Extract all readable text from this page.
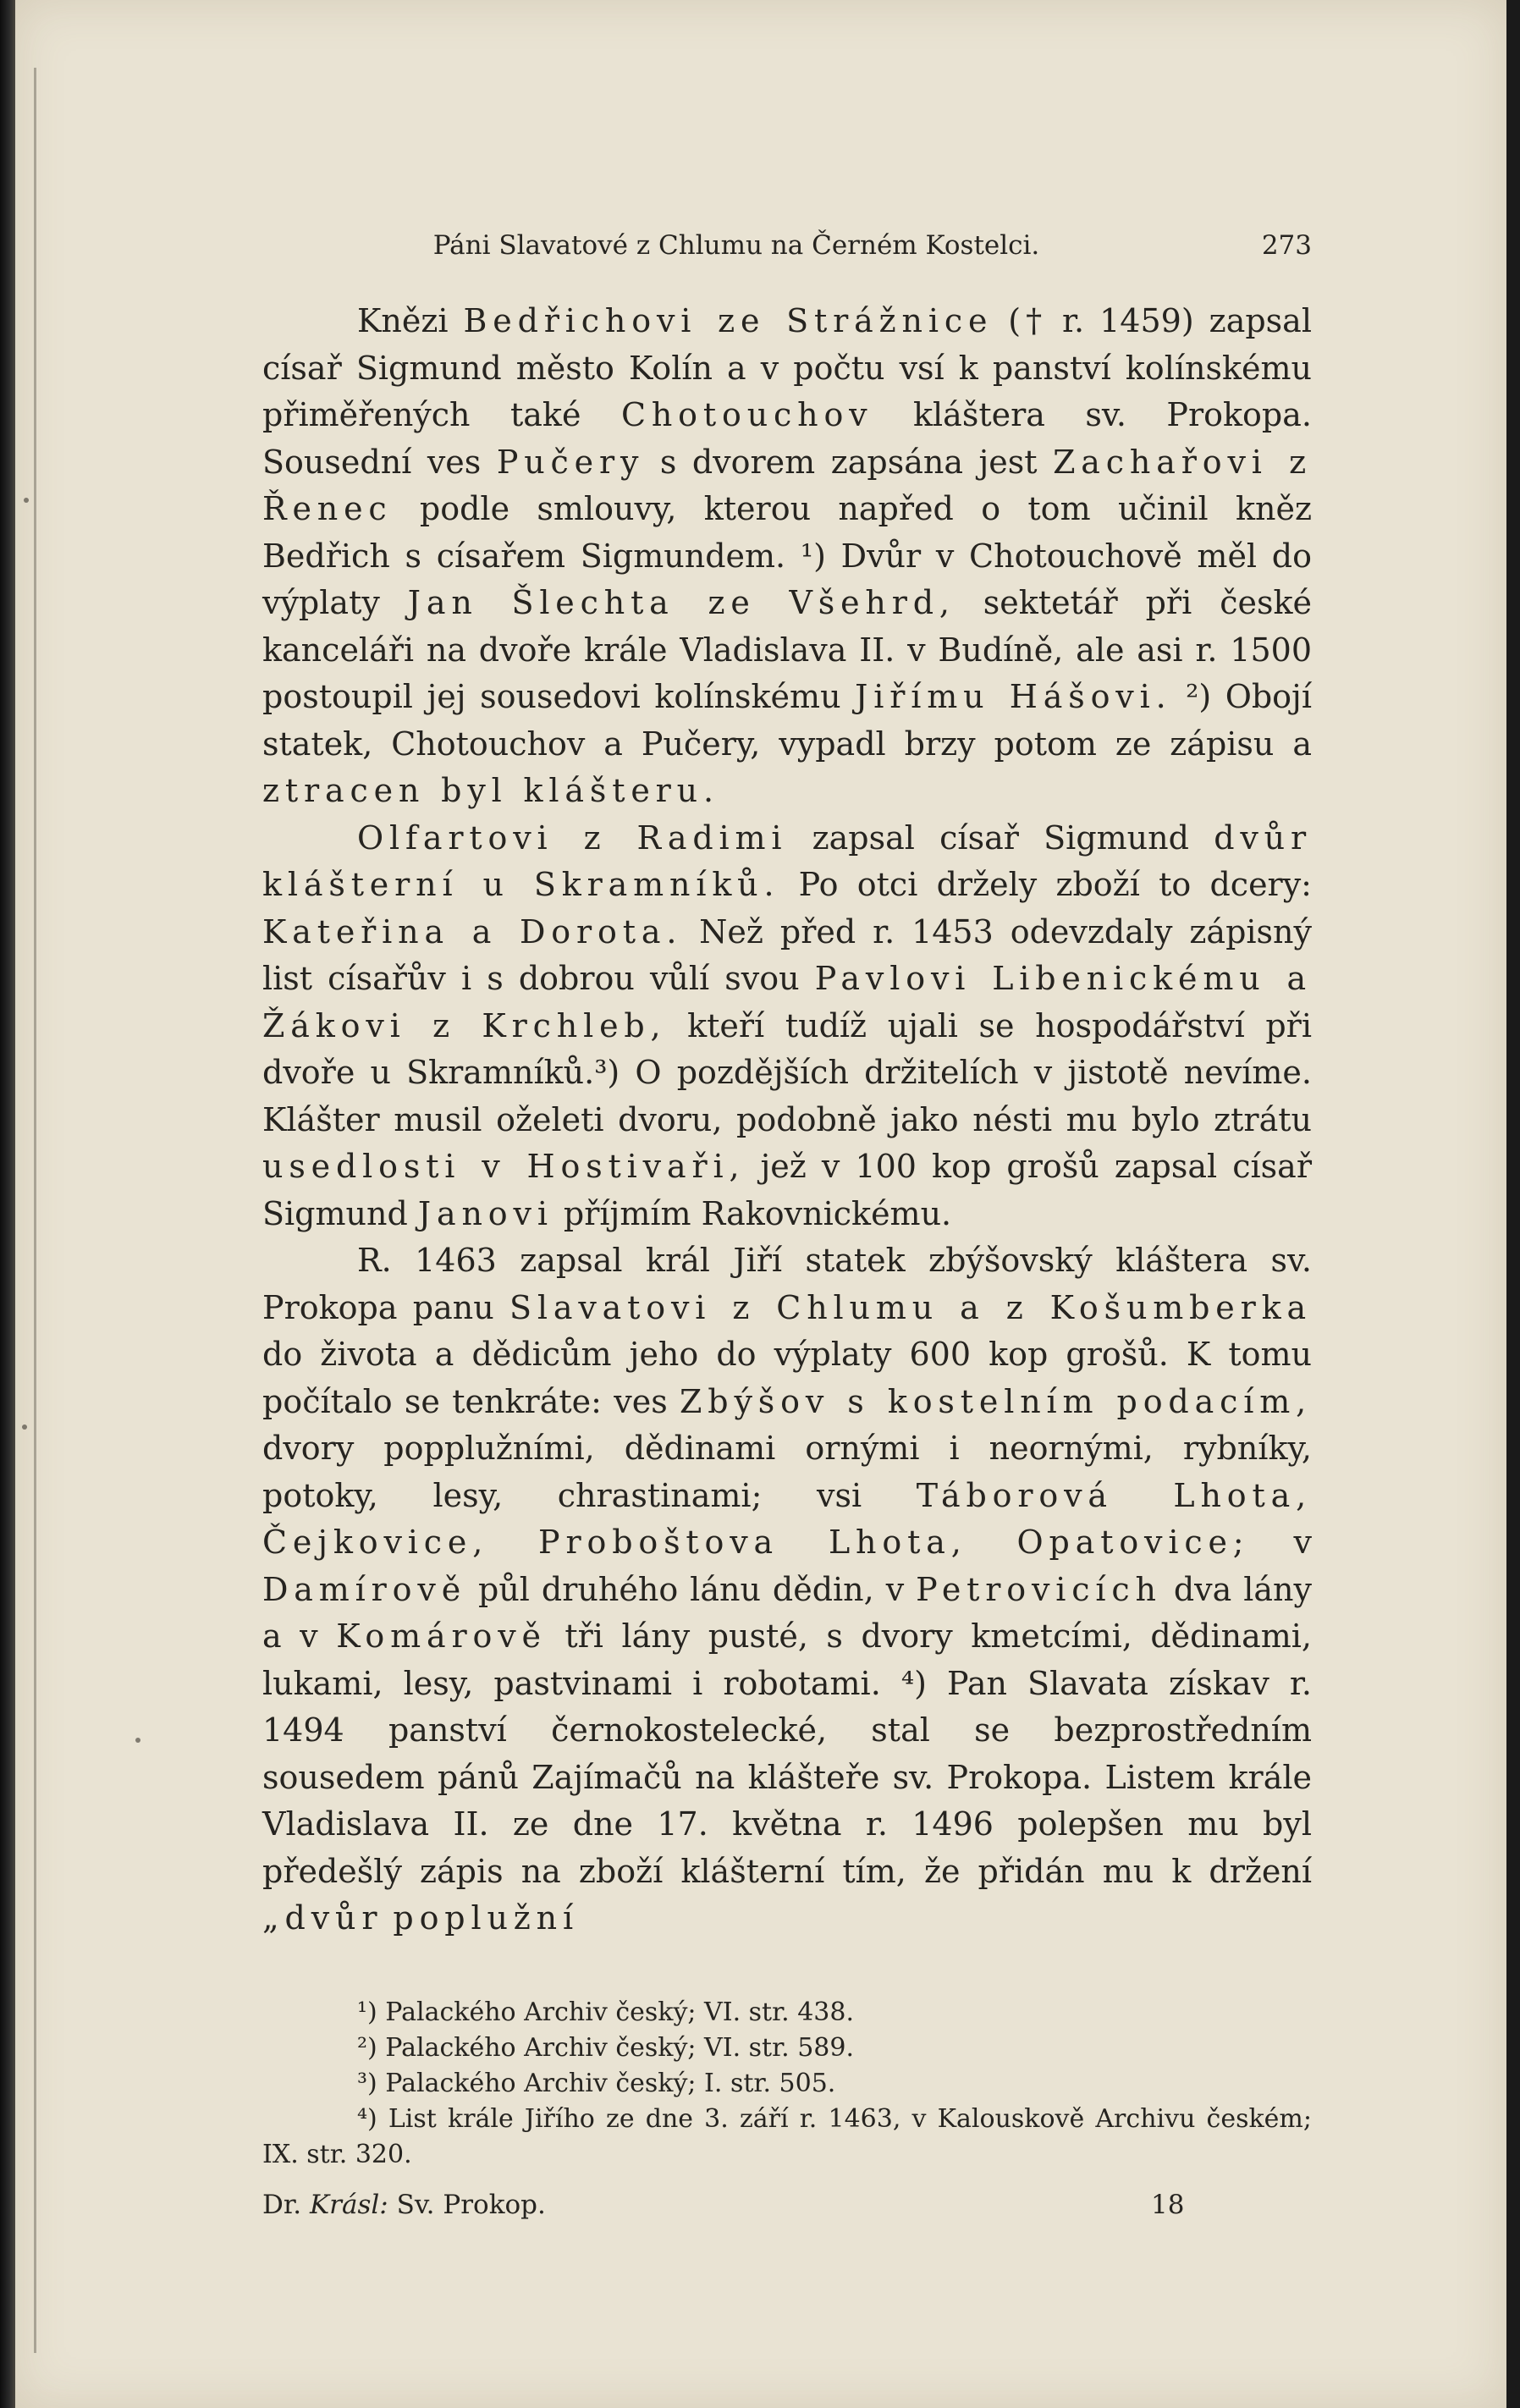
Páni Slavatové z Chlumu na Černém Kostelci.	273

Knězi Bedřichovi ze Strážnice († r. 1459) zapsal císař Sigmund město Kolín a v počtu vsí k panství kolínskému přiměřených také Chotouchov kláštera sv. Prokopa. Sousední ves Pučery s dvorem zapsána jest Zachařovi z Řenec podle smlouvy, kterou napřed o tom učinil kněz Bedřich s císařem Sigmundem. ¹) Dvůr v Chotouchově měl do výplaty Jan Šlechta ze Všehrd, sektetář při české kanceláři na dvoře krále Vladislava II. v Budíně, ale asi r. 1500 postoupil jej sousedovi kolínskému Jiřímu Hášovi. ²) Obojí statek, Chotouchov a Pučery, vypadl brzy potom ze zápisu a ztracen byl klášteru.

Olfartovi z Radimi zapsal císař Sigmund dvůr klášterní u Skramníků. Po otci držely zboží to dcery: Kateřina a Dorota. Než před r. 1453 odevzdaly zápisný list císařův i s dobrou vůlí svou Pavlovi Libenickému a Žákovi z Krchleb, kteří tudíž ujali se hospodářství při dvoře u Skramníků.³) O pozdějších držitelích v jistotě nevíme. Klášter musil oželeti dvoru, podobně jako nésti mu bylo ztrátu usedlosti v Hostivaři, jež v 100 kop grošů zapsal císař Sigmund Janovi příjmím Rakovnickému.

R. 1463 zapsal král Jiří statek zbýšovský kláštera sv. Prokopa panu Slavatovi z Chlumu a z Košumberka do života a dědicům jeho do výplaty 600 kop grošů. K tomu počítalo se tenkráte: ves Zbýšov s kostelním podacím, dvory popplužními, dědinami ornými i neornými, rybníky, potoky, lesy, chrastinami; vsi Táborová Lhota, Čejkovice, Proboštova Lhota, Opatovice; v Damírově půl druhého lánu dědin, v Petrovicích dva lány a v Komárově tři lány pusté, s dvory kmetcími, dědinami, lukami, lesy, pastvinami i robotami. ⁴) Pan Slavata získav r. 1494 panství černokostelecké, stal se bezprostředním sousedem pánů Zajímačů na klášteře sv. Prokopa. Listem krále Vladislava II. ze dne 17. května r. 1496 polepšen mu byl předešlý zápis na zboží klášterní tím, že přidán mu k držení „dvůr poplužní

¹) Palackého Archiv český; VI. str. 438.

²) Palackého Archiv český; VI. str. 589.

³) Palackého Archiv český; I. str. 505.

⁴) List krále Jiřího ze dne 3. září r. 1463, v Kalouskově Archivu českém; IX. str. 320.

Dr. Krásl: Sv. Prokop.	18
